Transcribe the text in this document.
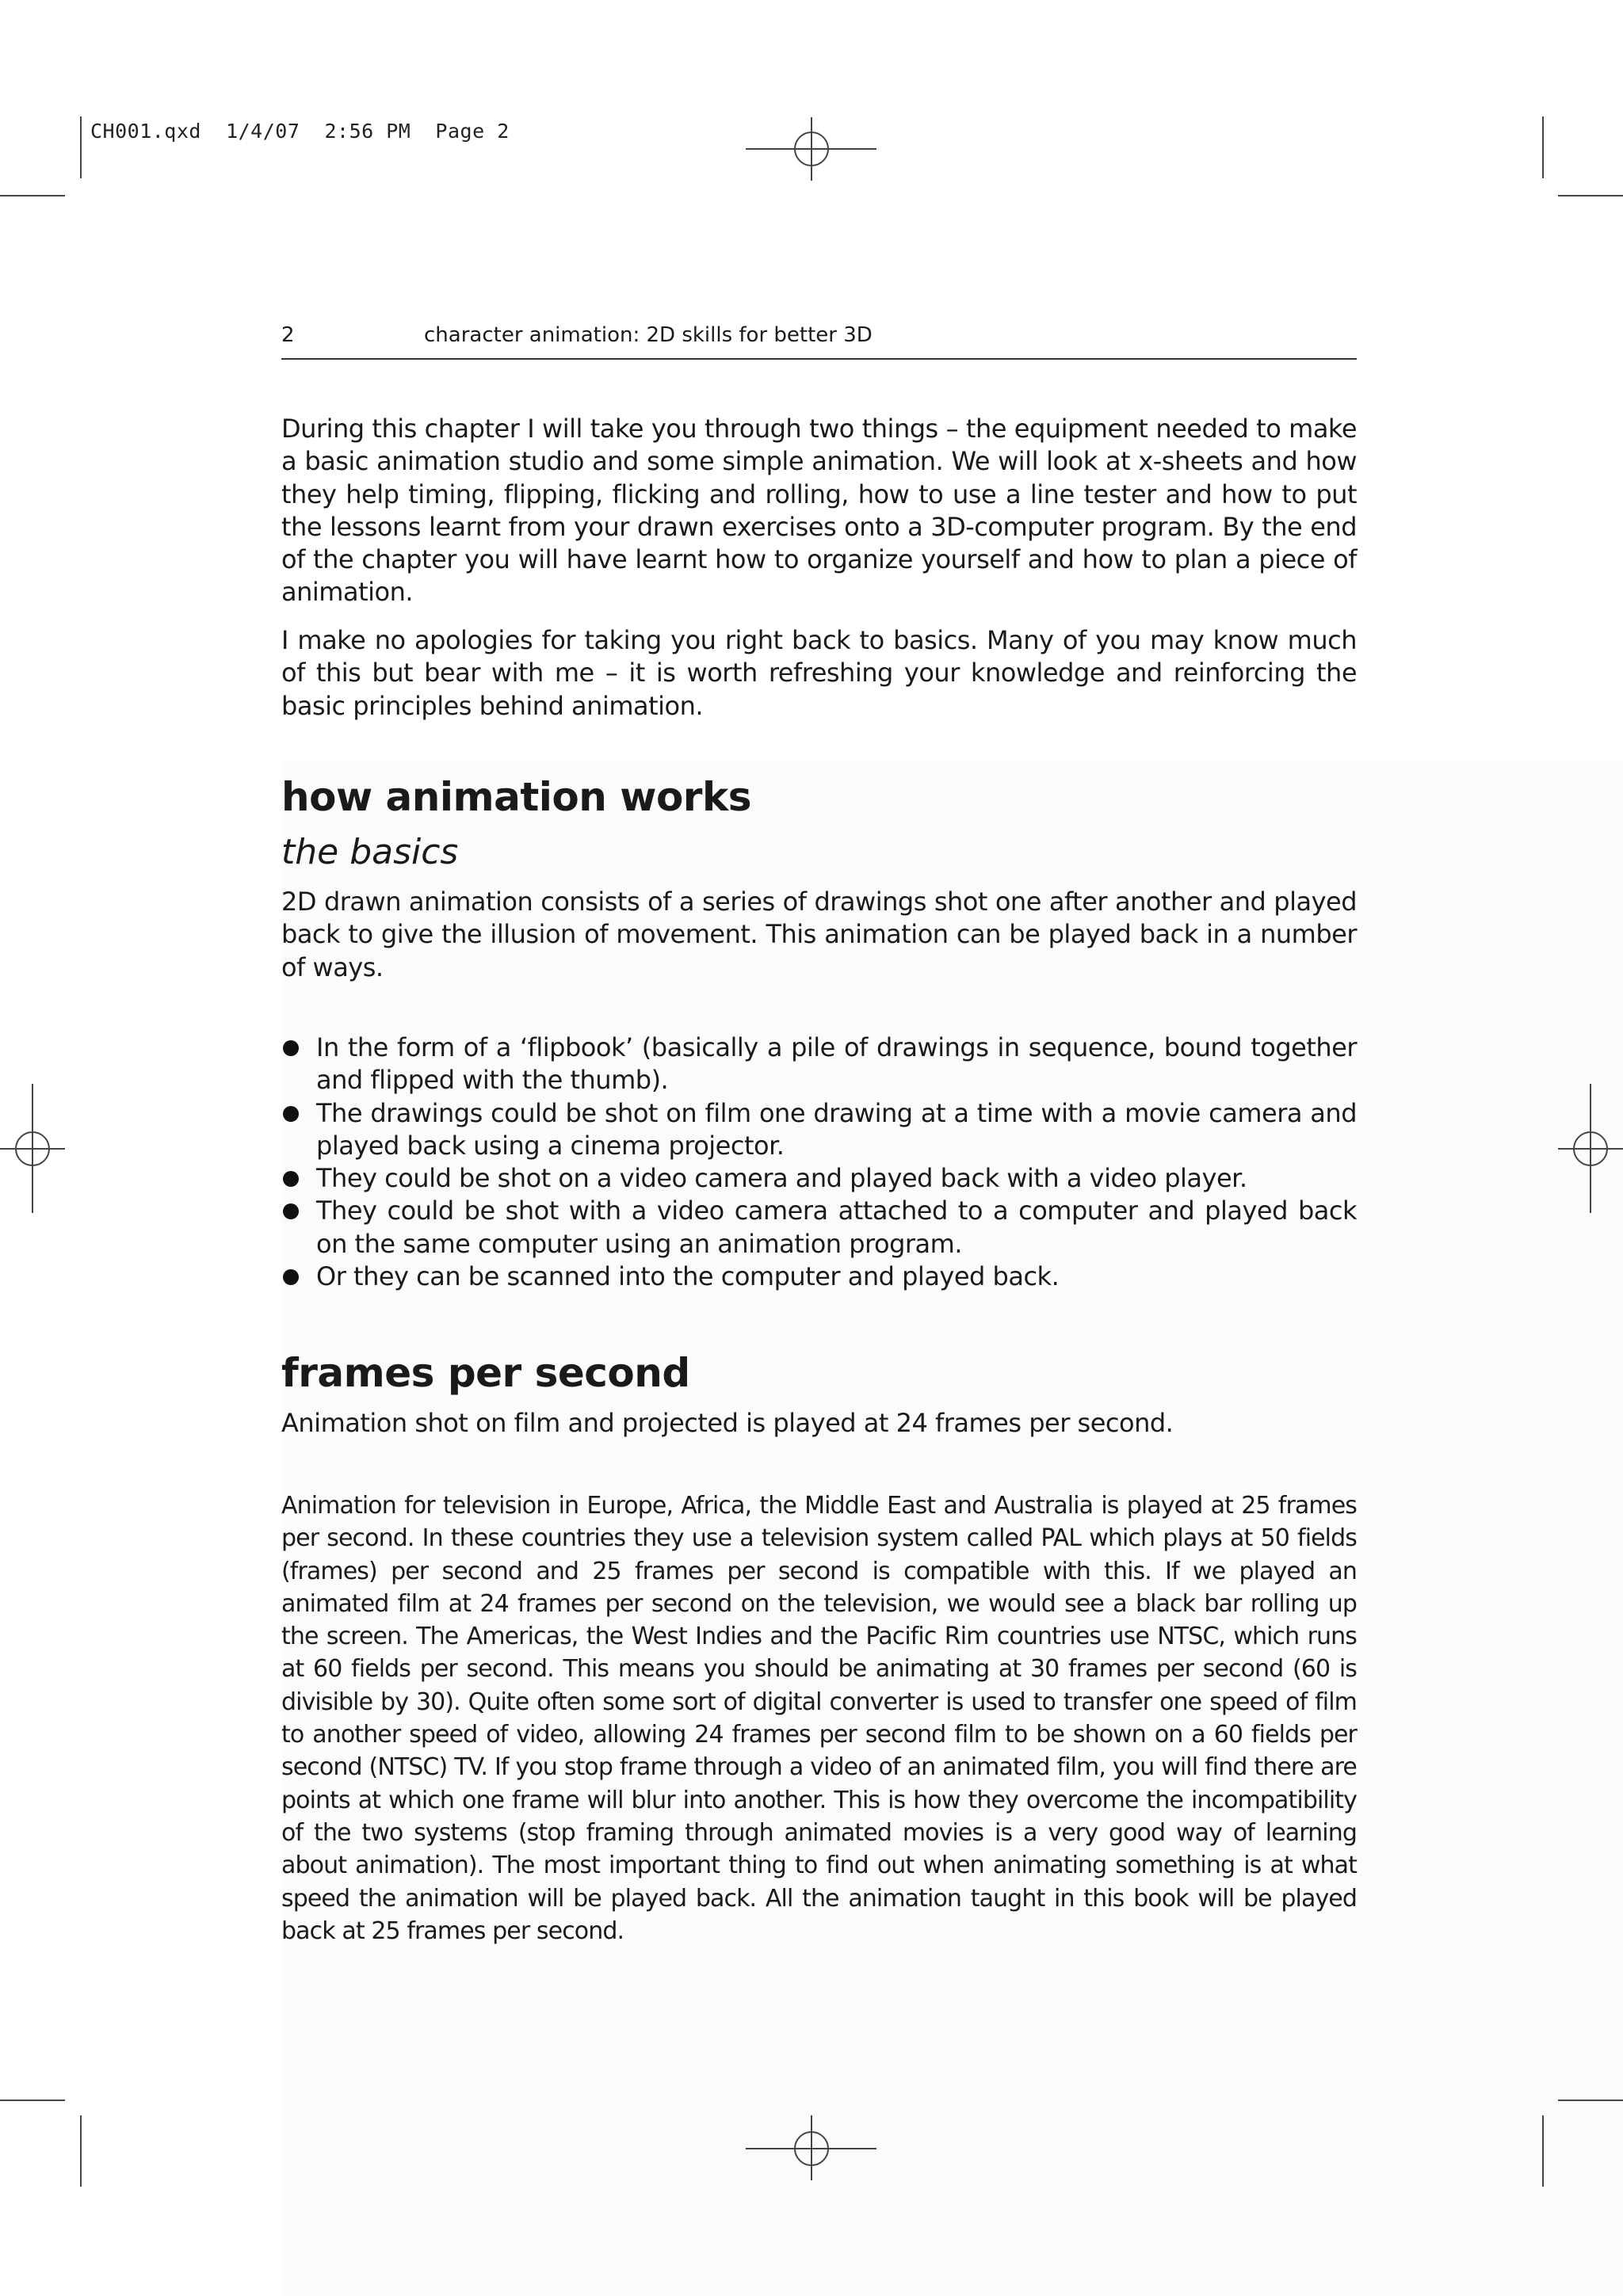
CH001.qxd  1/4/07  2:56 PM  Page 2
2	character animation: 2D skills for better 3D

During this chapter I will take you through two things – the equipment needed to make a basic animation studio and some simple animation. We will look at x-sheets and how they help timing, flipping, flicking and rolling, how to use a line tester and how to put the lessons learnt from your drawn exercises onto a 3D-computer program. By the end of the chapter you will have learnt how to organize yourself and how to plan a piece of animation.

I make no apologies for taking you right back to basics. Many of you may know much of this but bear with me – it is worth refreshing your knowledge and reinforcing the basic principles behind animation.

how animation works
the basics

2D drawn animation consists of a series of drawings shot one after another and played back to give the illusion of movement. This animation can be played back in a number of ways.

In the form of a ‘flipbook’ (basically a pile of drawings in sequence, bound together and flipped with the thumb).
The drawings could be shot on film one drawing at a time with a movie camera and played back using a cinema projector.
They could be shot on a video camera and played back with a video player.
They could be shot with a video camera attached to a computer and played back on the same computer using an animation program.
Or they can be scanned into the computer and played back.
frames per second

Animation shot on film and projected is played at 24 frames per second.

Animation for television in Europe, Africa, the Middle East and Australia is played at 25 frames per second. In these countries they use a television system called PAL which plays at 50 fields (frames) per second and 25 frames per second is compatible with this. If we played an animated film at 24 frames per second on the television, we would see a black bar rolling up the screen. The Americas, the West Indies and the Pacific Rim countries use NTSC, which runs at 60 fields per second. This means you should be animating at 30 frames per second (60 is divisible by 30). Quite often some sort of digital converter is used to transfer one speed of film to another speed of video, allowing 24 frames per second film to be shown on a 60 fields per second (NTSC) TV. If you stop frame through a video of an animated film, you will find there are points at which one frame will blur into another. This is how they overcome the incompatibility of the two systems (stop framing through animated movies is a very good way of learning about animation). The most important thing to find out when animating something is at what speed the animation will be played back. All the animation taught in this book will be played back at 25 frames per second.
